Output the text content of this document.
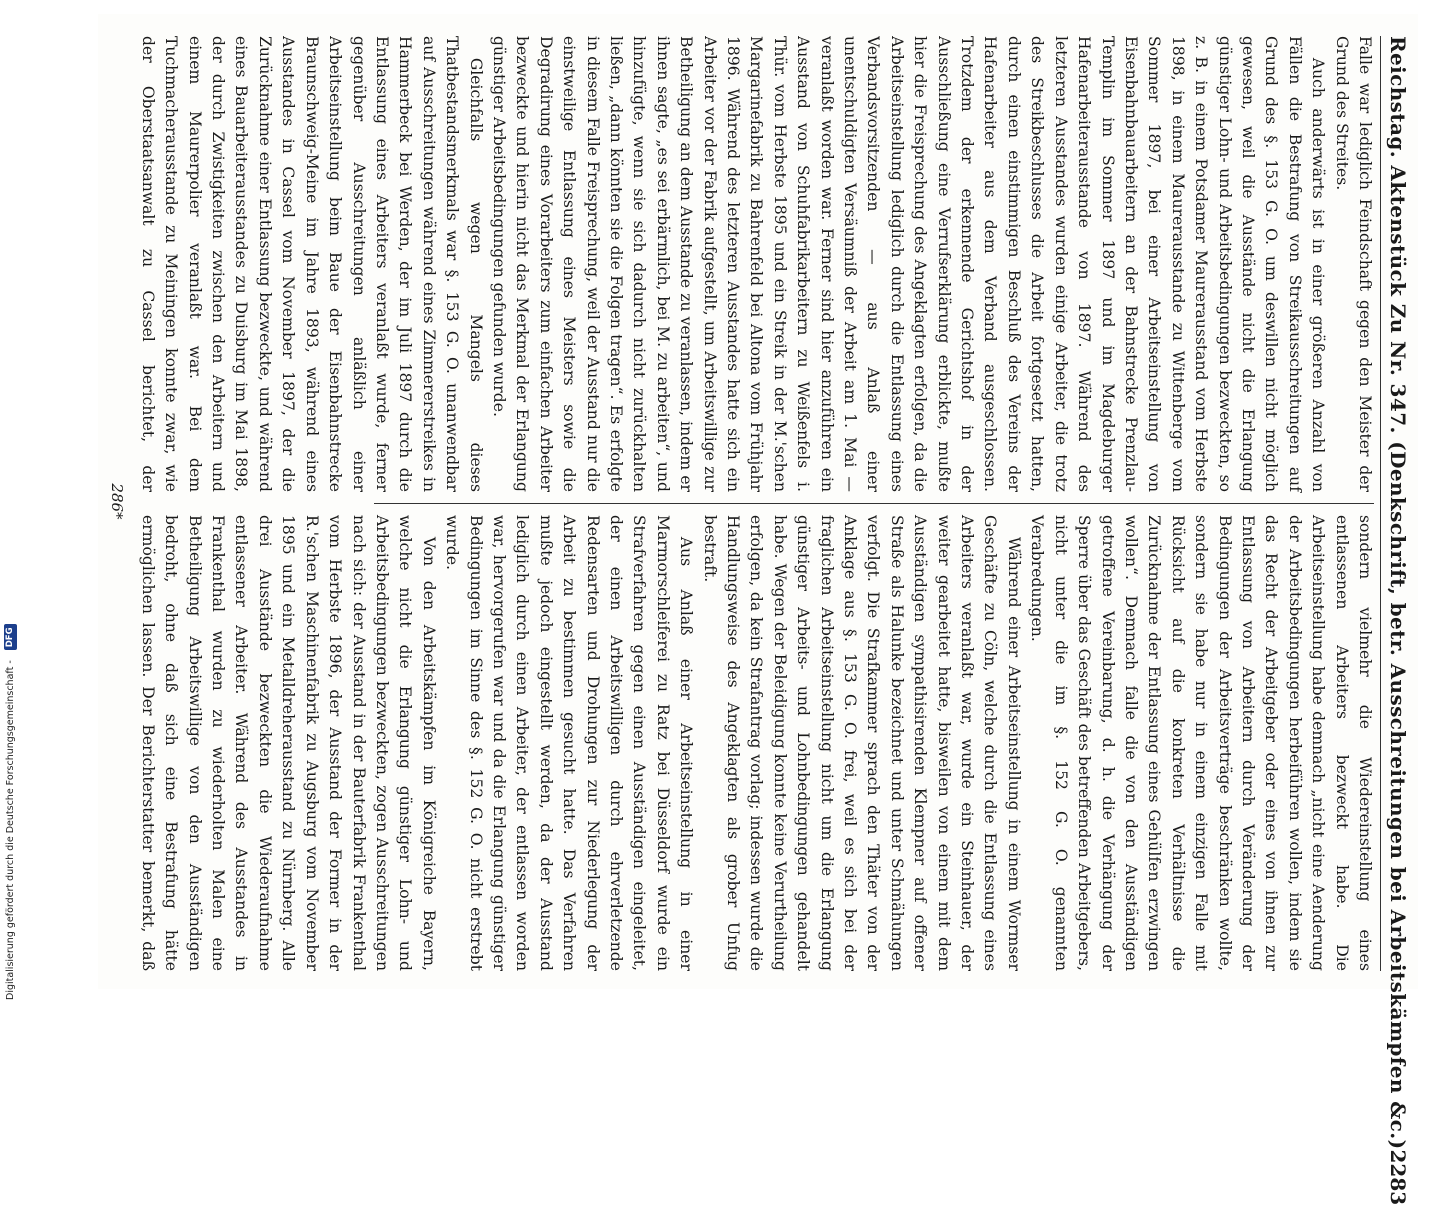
Reichstag. Aktenstück Zu Nr. 347. (Denkschrift, betr. Ausschreitungen bei Arbeitskämpfen &c.)
2283

Falle war lediglich Feindschaft gegen den Meister der Grund des Streites.

Auch anderwärts ist in einer größeren Anzahl von Fällen die Bestrafung von Streikausschreitungen auf Grund des §. 153 G. O. um deswillen nicht möglich gewesen, weil die Ausstände nicht die Erlangung günstiger Lohn- und Arbeitsbedingungen bezweckten, so z. B. in einem Potsdamer Maurerausstand vom Herbste 1898, in einem Maurerausstande zu Wittenberge vom Sommer 1897, bei einer Arbeitseinstellung von Eisenbahnbauarbeitern an der Bahnstrecke Prenzlau-Templin im Sommer 1897 und im Magdeburger Hafenarbeiterausstande von 1897. Während des letzteren Ausstandes wurden einige Arbeiter, die trotz des Streikbeschlusses die Arbeit fortgesetzt hatten, durch einen einstimmigen Beschluß des Vereins der Hafenarbeiter aus dem Verband ausgeschlossen. Trotzdem der erkennende Gerichtshof in der Ausschließung eine Verrufserklärung erblickte, mußte hier die Freisprechung des Angeklagten erfolgen, da die Arbeitseinstellung lediglich durch die Entlassung eines Verbandsvorsitzenden — aus Anlaß einer unentschuldigten Versäumniß der Arbeit am 1. Mai — veranlaßt worden war. Ferner sind hier anzuführen ein Ausstand von Schuhfabrikarbeitern zu Weißenfels i. Thür. vom Herbste 1895 und ein Streik in der M.'schen Margarinefabrik zu Bahrenfeld bei Altona vom Frühjahr 1896. Während des letzteren Ausstandes hatte sich ein Arbeiter vor der Fabrik aufgestellt, um Arbeitswillige zur Betheiligung an dem Ausstande zu veranlassen, indem er ihnen sagte, „es sei erbärmlich, bei M. zu arbeiten“, und hinzufügte, wenn sie sich dadurch nicht zurückhalten ließen, „dann könnten sie die Folgen tragen“. Es erfolgte in diesem Falle Freisprechung, weil der Ausstand nur die einstweilige Entlassung eines Meisters sowie die Degradirung eines Vorarbeiters zum einfachen Arbeiter bezweckte und hierin nicht das Merkmal der Erlangung günstiger Arbeitsbedingungen gefunden wurde.

Gleichfalls wegen Mangels dieses Thatbestandsmerkmals war §. 153 G. O. unanwendbar auf Ausschreitungen während eines Zimmererstreikes in Hammerbeck bei Werden, der im Juli 1897 durch die Entlassung eines Arbeiters veranlaßt wurde, ferner gegenüber Ausschreitungen anläßlich einer Arbeitseinstellung beim Baue der Eisenbahnstrecke Braunschweig-Meine im Jahre 1893, während eines Ausstandes in Cassel vom November 1897, der die Zurücknahme einer Entlassung bezweckte, und während eines Bauarbeiterausstandes zu Duisburg im Mai 1898, der durch Zwistigkeiten zwischen den Arbeitern und einem Maurerpolier veranlaßt war. Bei dem Tuchmacherausstande zu Meiningen konnte zwar, wie der Oberstaatsanwalt zu Cassel berichtet, der

sondern vielmehr die Wiedereinstellung eines entlassenen Arbeiters bezweckt habe. Die Arbeitseinstellung habe demnach „nicht eine Aenderung der Arbeitsbedingungen herbeiführen wollen, indem sie das Recht der Arbeitgeber oder eines von ihnen zur Entlassung von Arbeitern durch Veränderung der Bedingungen der Arbeitsverträge beschränken wollte, sondern sie habe nur in einem einzigen Falle mit Rücksicht auf die konkreten Verhältnisse die Zurücknahme der Entlassung eines Gehülfen erzwingen wollen“. Demnach falle die von den Ausständigen getroffene Vereinbarung, d. h. die Verhängung der Sperre über das Geschäft des betreffenden Arbeitgebers, nicht unter die im §. 152 G. O. genannten Verabredungen.

Während einer Arbeitseinstellung in einem Wormser Geschäfte zu Cöln, welche durch die Entlassung eines Arbeiters veranlaßt war, wurde ein Steinhauer, der weiter gearbeitet hatte, bisweilen von einem mit dem Ausständigen sympathisirenden Klempner auf offener Straße als Halunke bezeichnet und unter Schmähungen verfolgt. Die Strafkammer sprach den Thäter von der Anklage aus §. 153 G. O. frei, weil es sich bei der fraglichen Arbeitseinstellung nicht um die Erlangung günstiger Arbeits- und Lohnbedingungen gehandelt habe. Wegen der Beleidigung konnte keine Verurtheilung erfolgen, da kein Strafantrag vorlag; indessen wurde die Handlungsweise des Angeklagten als grober Unfug bestraft.

Aus Anlaß einer Arbeitseinstellung in einer Marmorschleiferei zu Ratz bei Düsseldorf wurde ein Strafverfahren gegen einen Ausständigen eingeleitet, der einen Arbeitswilligen durch ehrverletzende Redensarten und Drohungen zur Niederlegung der Arbeit zu bestimmen gesucht hatte. Das Verfahren mußte jedoch eingestellt werden, da der Ausstand lediglich durch einen Arbeiter, der entlassen worden war, hervorgerufen war und da die Erlangung günstiger Bedingungen im Sinne des §. 152 G. O. nicht erstrebt wurde.

Von den Arbeitskämpfen im Königreiche Bayern, welche nicht die Erlangung günstiger Lohn- und Arbeitsbedingungen bezweckten, zogen Ausschreitungen nach sich: der Ausstand in der Bauterfabrik Frankenthal vom Herbste 1896, der Ausstand der Former in der R.'schen Maschinenfabrik zu Augsburg vom November 1895 und ein Metalldreherausstand zu Nürnberg. Alle drei Ausstände bezweckten die Wiederaufnahme entlassener Arbeiter. Während des Ausstandes in Frankenthal wurden zu wiederholten Malen eine Betheiligung Arbeitswillige von den Ausständigen bedroht, ohne daß sich eine Bestrafung hätte ermöglichen lassen. Der Berichterstatter bemerkt, daß

286*
Digitalisierung gefördert durch die Deutsche Forschungsgemeinschaft -
DFG
